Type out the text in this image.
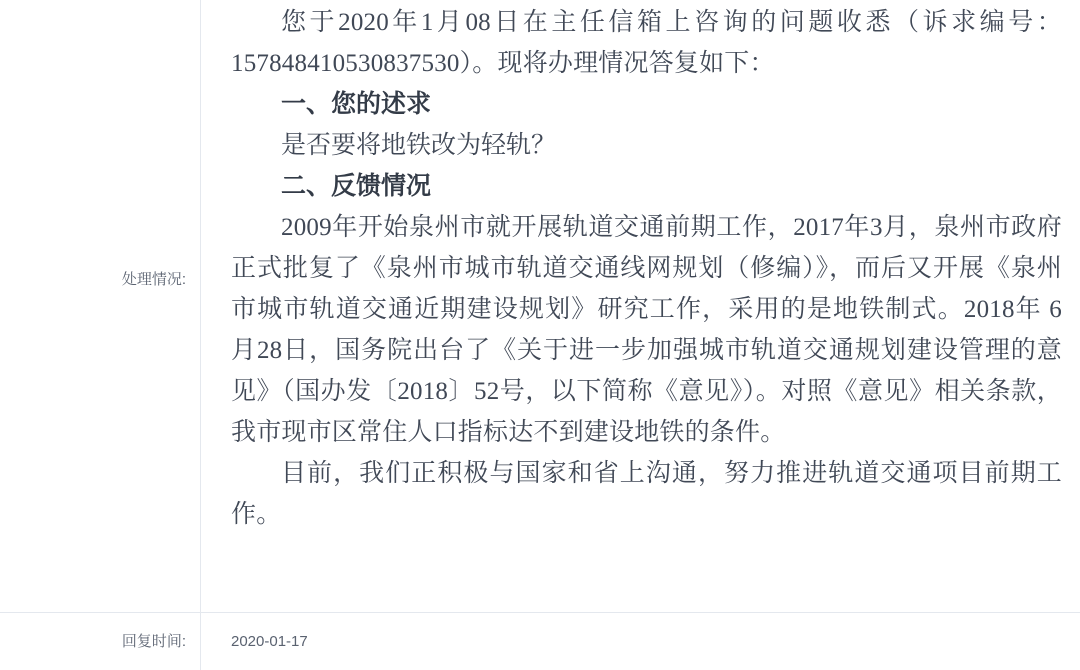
处理情况:

您于2020年1月08日在主任信箱上咨询的问题收悉（诉求编号：157848410530837530）。现将办理情况答复如下：

一、您的述求

是否要将地铁改为轻轨？

二、反馈情况

2009年开始泉州市就开展轨道交通前期工作，2017年3月，泉州市政府正式批复了《泉州市城市轨道交通线网规划（修编）》，而后又开展《泉州市城市轨道交通近期建设规划》研究工作，采用的是地铁制式。2018年 6 月28日，国务院出台了《关于进一步加强城市轨道交通规划建设管理的意见》（国办发〔2018〕52号，以下简称《意见》）。对照《意见》相关条款，我市现市区常住人口指标达不到建设地铁的条件。

目前，我们正积极与国家和省上沟通，努力推进轨道交通项目前期工作。

回复时间:	2020-01-17
